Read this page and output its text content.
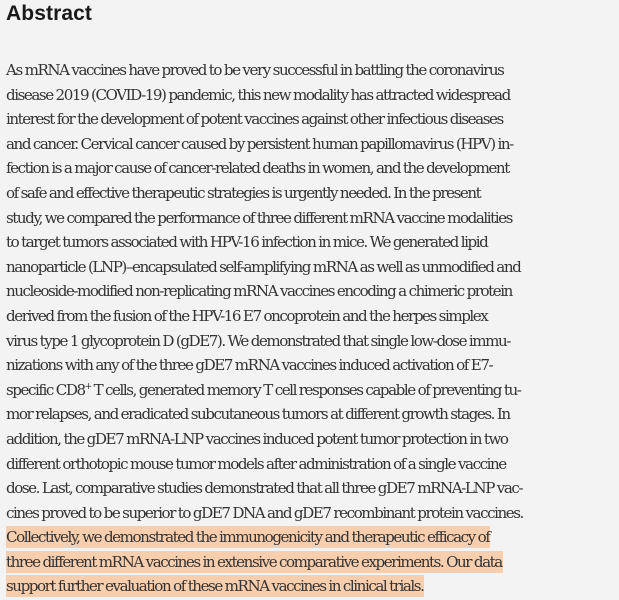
Abstract
As mRNA vaccines have proved to be very successful in battling the coronavirus
disease 2019 (COVID-19) pandemic, this new modality has attracted widespread
interest for the development of potent vaccines against other infectious diseases
and cancer. Cervical cancer caused by persistent human papillomavirus (HPV) in-
fection is a major cause of cancer-related deaths in women, and the development
of safe and effective therapeutic strategies is urgently needed. In the present
study, we compared the performance of three different mRNA vaccine modalities
to target tumors associated with HPV-16 infection in mice. We generated lipid
nanoparticle (LNP)–encapsulated self-amplifying mRNA as well as unmodified and
nucleoside-modified non-replicating mRNA vaccines encoding a chimeric protein
derived from the fusion of the HPV-16 E7 oncoprotein and the herpes simplex
virus type 1 glycoprotein D (gDE7). We demonstrated that single low-dose immu-
nizations with any of the three gDE7 mRNA vaccines induced activation of E7-
specific CD8+ T cells, generated memory T cell responses capable of preventing tu-
mor relapses, and eradicated subcutaneous tumors at different growth stages. In
addition, the gDE7 mRNA-LNP vaccines induced potent tumor protection in two
different orthotopic mouse tumor models after administration of a single vaccine
dose. Last, comparative studies demonstrated that all three gDE7 mRNA-LNP vac-
cines proved to be superior to gDE7 DNA and gDE7 recombinant protein vaccines.
Collectively, we demonstrated the immunogenicity and therapeutic efficacy of
three different mRNA vaccines in extensive comparative experiments. Our data
support further evaluation of these mRNA vaccines in clinical trials.
